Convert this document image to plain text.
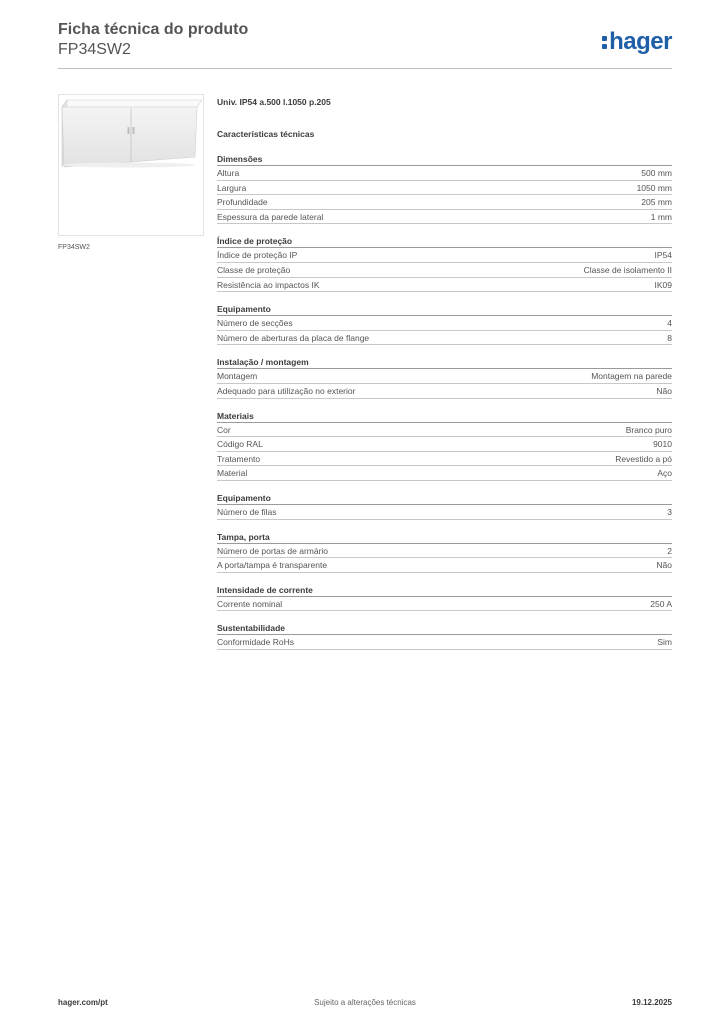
Ficha técnica do produto
FP34SW2	hager
FP34SW2
Univ. IP54 a.500 l.1050 p.205
Características técnicas
Dimensões
Altura	500 mm
Largura	1050 mm
Profundidade	205 mm
Espessura da parede lateral	1 mm
Índice de proteção
Índice de proteção IP	IP54
Classe de proteção	Classe de isolamento II
Resistência ao impactos IK	IK09
Equipamento
Número de secções	4
Número de aberturas da placa de flange	8
Instalação / montagem
Montagem	Montagem na parede
Adequado para utilização no exterior	Não
Materiais
Cor	Branco puro
Código RAL	9010
Tratamento	Revestido a pó
Material	Aço
Equipamento
Número de filas	3
Tampa, porta
Número de portas de armário	2
A porta/tampa é transparente	Não
Intensidade de corrente
Corrente nominal	250 A
Sustentabilidade
Conformidade RoHs	Sim
hager.com/pt	Sujeito a alterações técnicas	19.12.2025
